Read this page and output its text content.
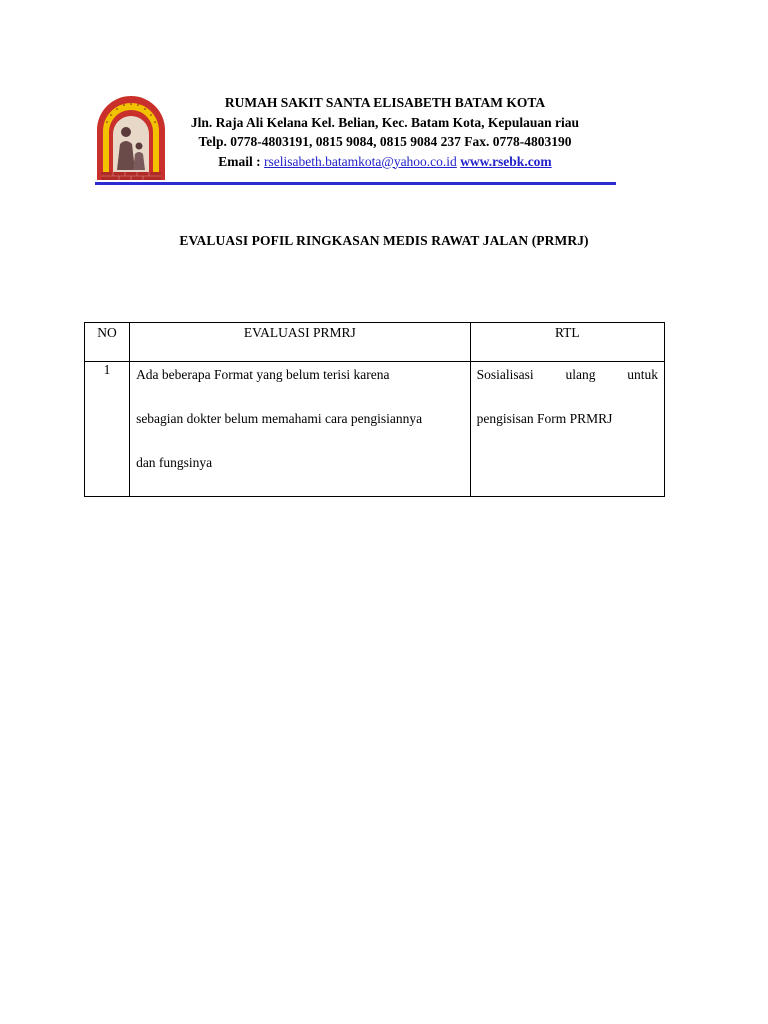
RUMAH SAKIT SANTA ELISABETH BATAM KOTA
Jln. Raja Ali Kelana Kel. Belian, Kec. Batam Kota, Kepulauan riau
Telp. 0778-4803191, 0815 9084, 0815 9084 237 Fax. 0778-4803190
Email : rselisabeth.batamkota@yahoo.co.id www.rsebk.com
EVALUASI POFIL RINGKASAN MEDIS RAWAT JALAN (PRMRJ)
NO	EVALUASI PRMRJ	RTL
1	Ada beberapa Format yang belum terisi karena
sebagian dokter belum memahami cara pengisiannya
dan fungsinya	Sosialisasi ulang untuk
pengisisan Form PRMRJ
